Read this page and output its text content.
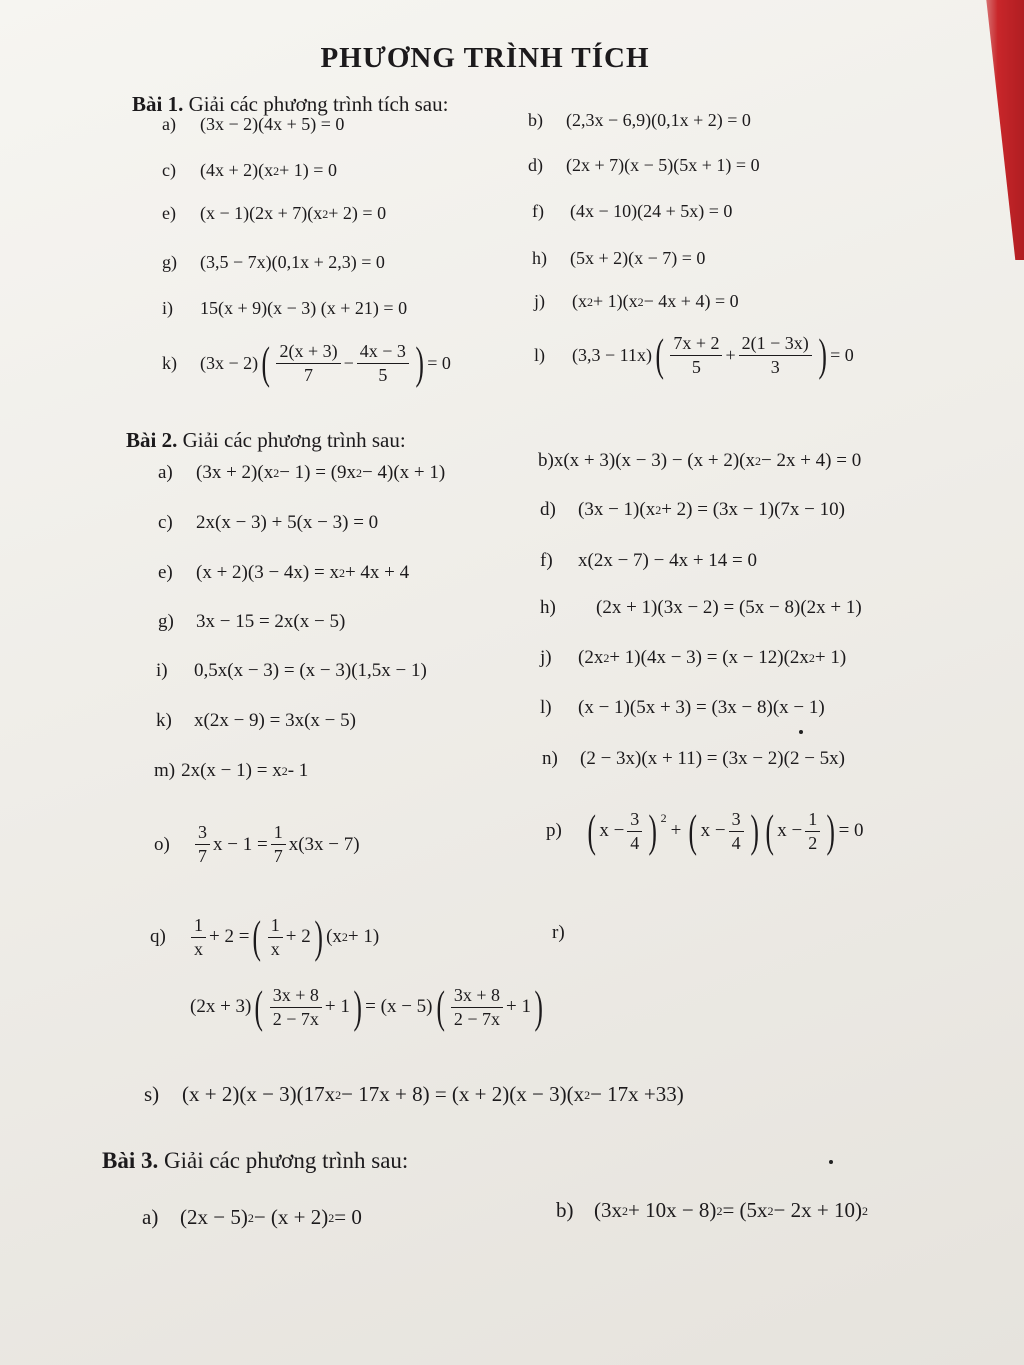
PHƯƠNG TRÌNH TÍCH
Bài 1. Giải các phương trình tích sau:
a)	(3x − 2)(4x + 5) = 0	b)	(2,3x − 6,9)(0,1x + 2) = 0
c)	(4x + 2)(x 2 + 1) = 0	d)	(2x + 7)(x − 5)(5x + 1) = 0
e)	(x − 1)(2x + 7)(x 2 + 2) = 0	f)	(4x − 10)(24 + 5x) = 0
g)	(3,5 − 7x)(0,1x + 2,3) = 0	h)	(5x + 2)(x − 7) = 0
i)	15(x + 9)(x − 3) (x + 21) = 0	j)	(x 2 + 1)(x 2 − 4x + 4) = 0
k)	(3x − 2) ( $\frac{2(x + 3)}{7} - \frac{4x - 3}{5}$ ) = 0	l)	(3,3 − 11x) ( $\frac{7x + 2}{5} + \frac{2(1 - 3x)}{3}$ ) = 0
Bài 2. Giải các phương trình sau:
a)	(3x + 2)(x 2 − 1) = (9x 2 − 4)(x + 1)
b) x(x + 3)(x − 3) − (x + 2)(x 2 − 2x + 4) = 0
c)	2x(x − 3) + 5(x − 3) = 0
d)	(3x − 1)(x 2 + 2) = (3x − 1)(7x − 10)
e)	(x + 2)(3 − 4x) = x 2 + 4x + 4
f)	x(2x − 7) − 4x + 14 = 0
g)	3x − 15 = 2x(x − 5)
h)	(2x + 1)(3x − 2) = (5x − 8)(2x + 1)
i)	0,5x(x − 3) = (x − 3)(1,5x − 1)
j)	(2x 2 + 1)(4x − 3) = (x − 12)(2x 2 + 1)
k)	x(2x − 9) = 3x(x − 5)
l)	(x − 1)(5x + 3) = (3x − 8)(x − 1)
m) 2x(x − 1) = x 2 - 1
n)	(2 − 3x)(x + 11) = (3x − 2)(2 − 5x)
o)	$\frac{3}{7}$ $x - 1 = \frac{1}{7} x(3x - 7)$
p) ( $x - \frac{3}{4}$ ) 2
+ ( $x - \frac{3}{4}$ ) ( $x - \frac{1}{2}$ ) = 0
q)	$\frac{1}{x} + 2$ = ( $\frac{1}{x} + 2$ ) (x 2 + 1)	r)
(2x + 3) ( $\frac{3x + 8}{2 - 7x} + 1$ ) = (x − 5) ( $\frac{3x + 8}{2 - 7x} + 1$ )
s)	(x + 2)(x − 3)(17x 2 − 17x + 8) = (x + 2)(x − 3)(x 2 − 17x +33)
Bài 3. Giải các phương trình sau:
a)	(2x − 5) 2 − (x + 2) 2 = 0	b) (3x 2 + 10x − 8) 2 = (5x 2 − 2x + 10) 2
